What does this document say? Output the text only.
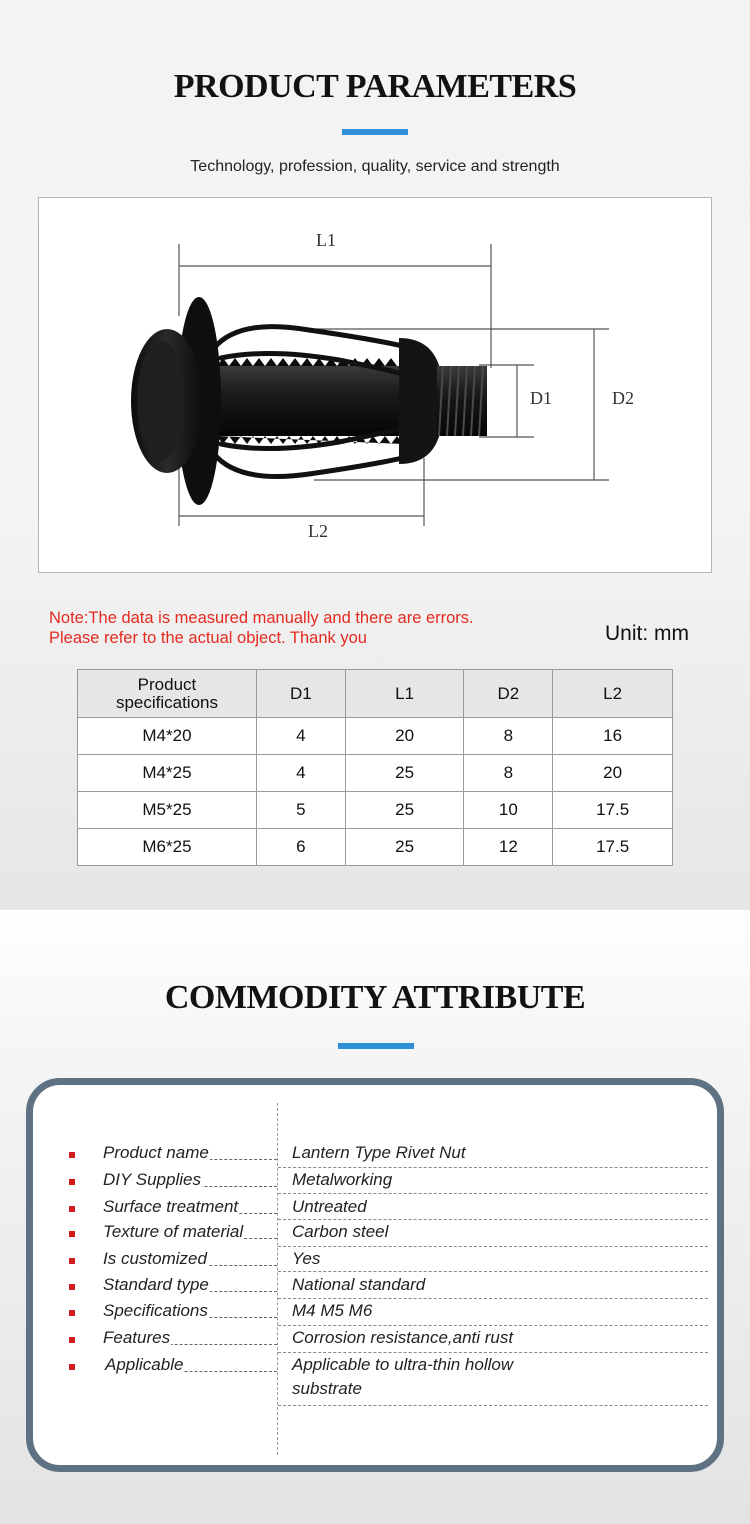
PRODUCT PARAMETERS
Technology, profession, quality, service and strength
L1
L2
D1	D2
Note:The data is measured manually and there are errors.
Please refer to the actual object. Thank you	Unit: mm
Product specifications	D1	L1	D2	L2
M4*20	4	20	8	16
M4*25	4	25	8	20
M5*25	5	25	10	17.5
M6*25	6	25	12	17.5
COMMODITY ATTRIBUTE
Product name	Lantern Type Rivet Nut
DIY Supplies	Metalworking
Surface treatment	Untreated
Texture of material	Carbon steel
Is customized	Yes
Standard type	National standard
Specifications	M4 M5 M6
Features	Corrosion resistance,anti rust
Applicable	Applicable to ultra-thin hollow substrate
